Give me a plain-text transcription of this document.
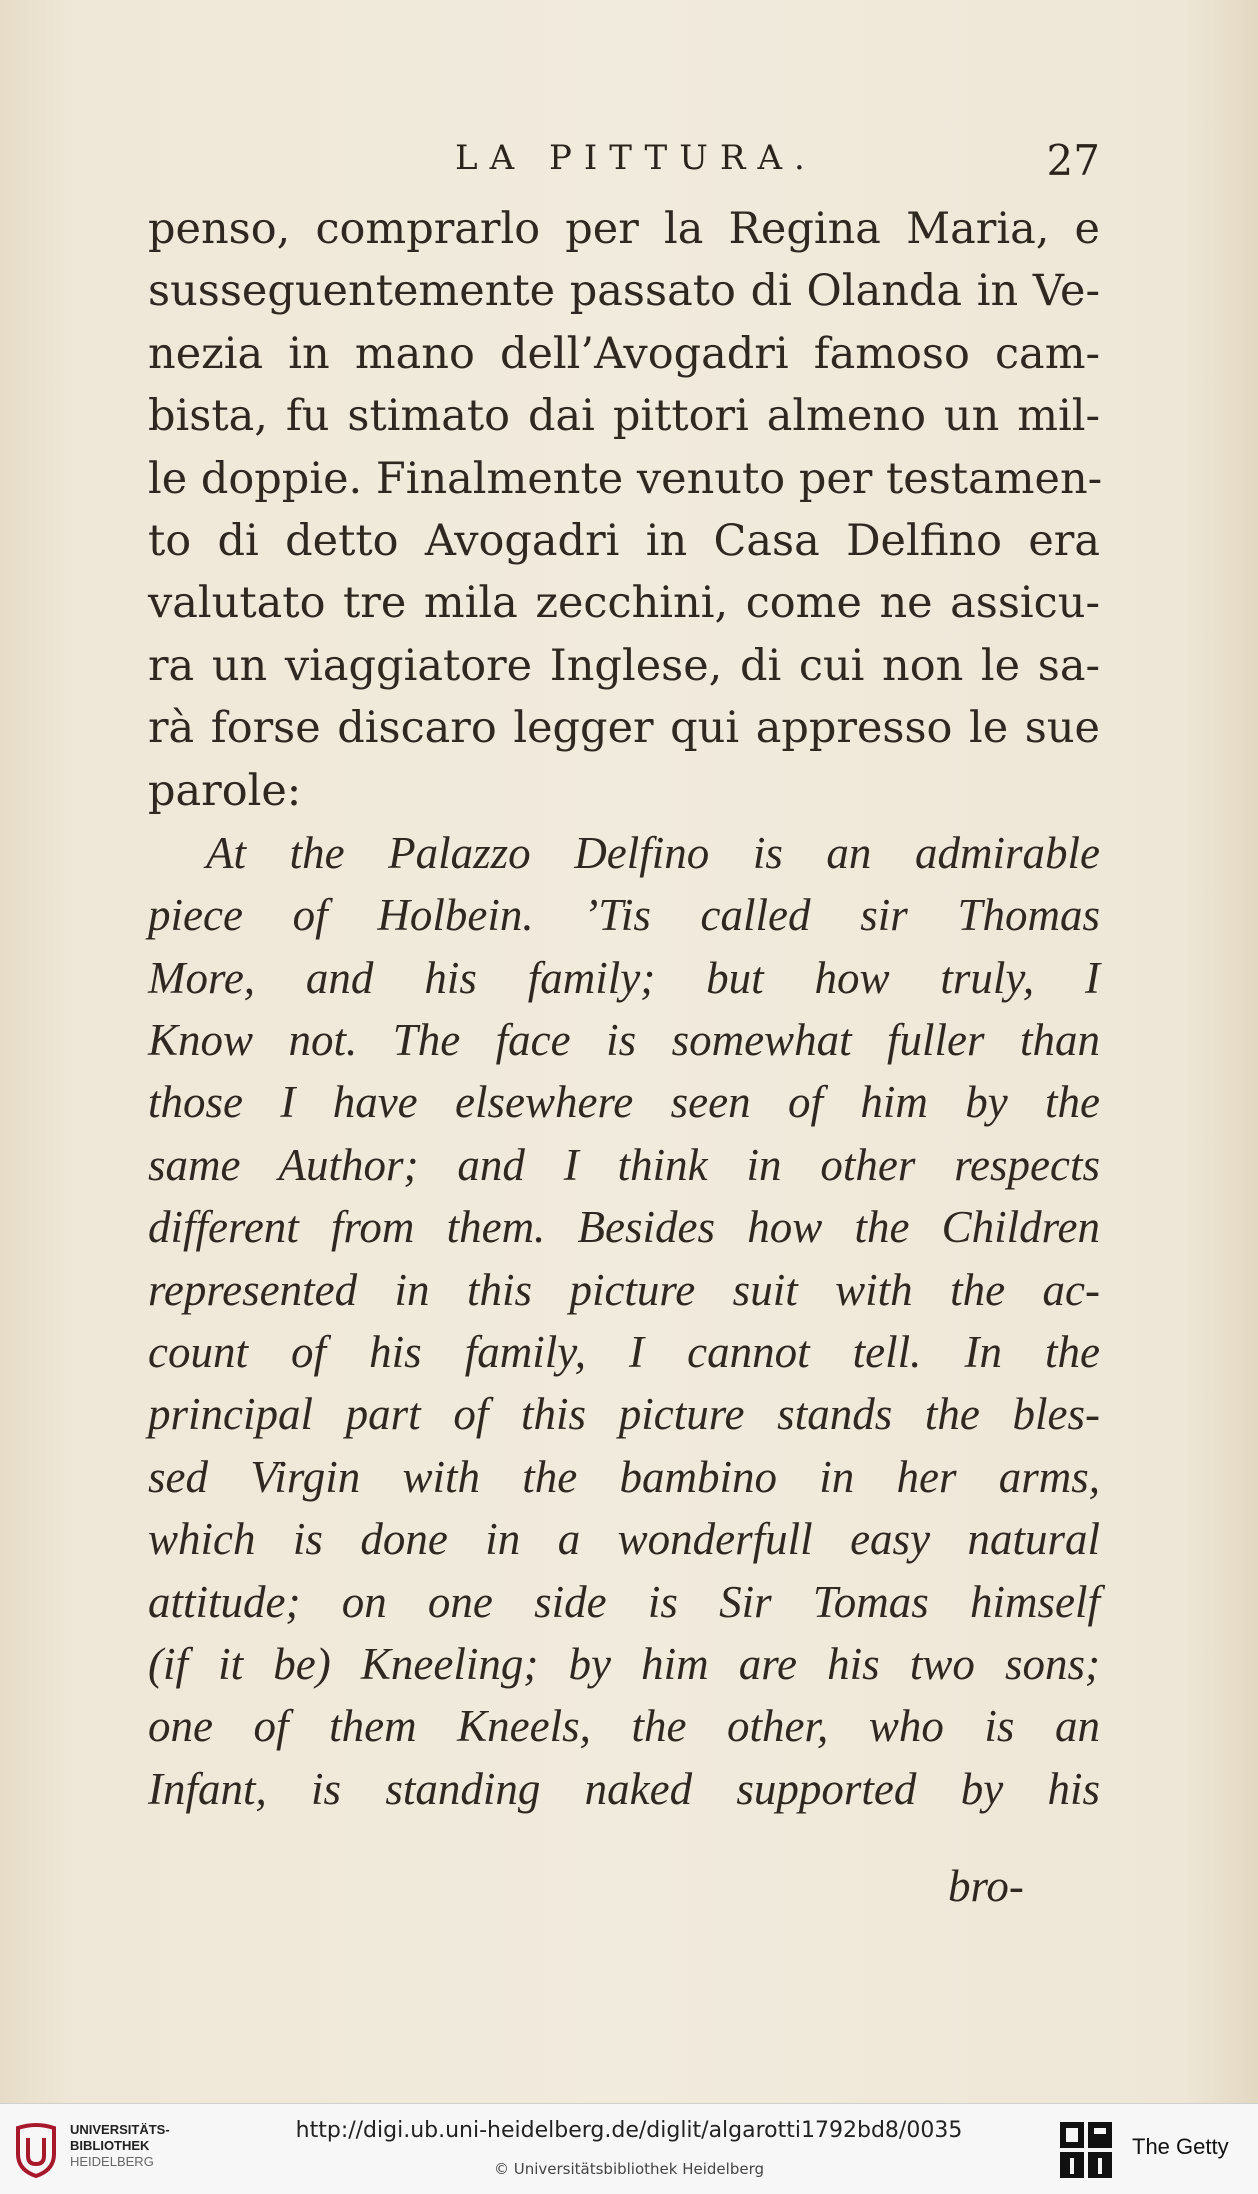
LA PITTURA.	27
penso, comprarlo per la Regina Maria, e
susseguentemente passato di Olanda in Ve-
nezia in mano dell’Avogadri famoso cam-
bista, fu stimato dai pittori almeno un mil-
le doppie. Finalmente venuto per testamen-
to di detto Avogadri in Casa Delfino era
valutato tre mila zecchini, come ne assicu-
ra un viaggiatore Inglese, di cui non le sa-
rà forse discaro legger qui appresso le sue
parole:
At the Palazzo Delfino is an admirable
piece of Holbein. ’Tis called sir Thomas
More, and his family; but how truly, I
Know not. The face is somewhat fuller than
those I have elsewhere seen of him by the
same Author; and I think in other respects
different from them. Besides how the Children
represented in this picture suit with the ac-
count of his family, I cannot tell. In the
principal part of this picture stands the bles-
sed Virgin with the bambino in her arms,
which is done in a wonderfull easy natural
attitude; on one side is Sir Tomas himself
(if it be) Kneeling; by him are his two sons;
one of them Kneels, the other, who is an
Infant, is standing naked supported by his
bro-
UNIVERSITÄTS-
BIBLIOTHEK
HEIDELBERG
http://digi.ub.uni-heidelberg.de/diglit/algarotti1792bd8/0035
© Universitätsbibliothek Heidelberg
The Getty
